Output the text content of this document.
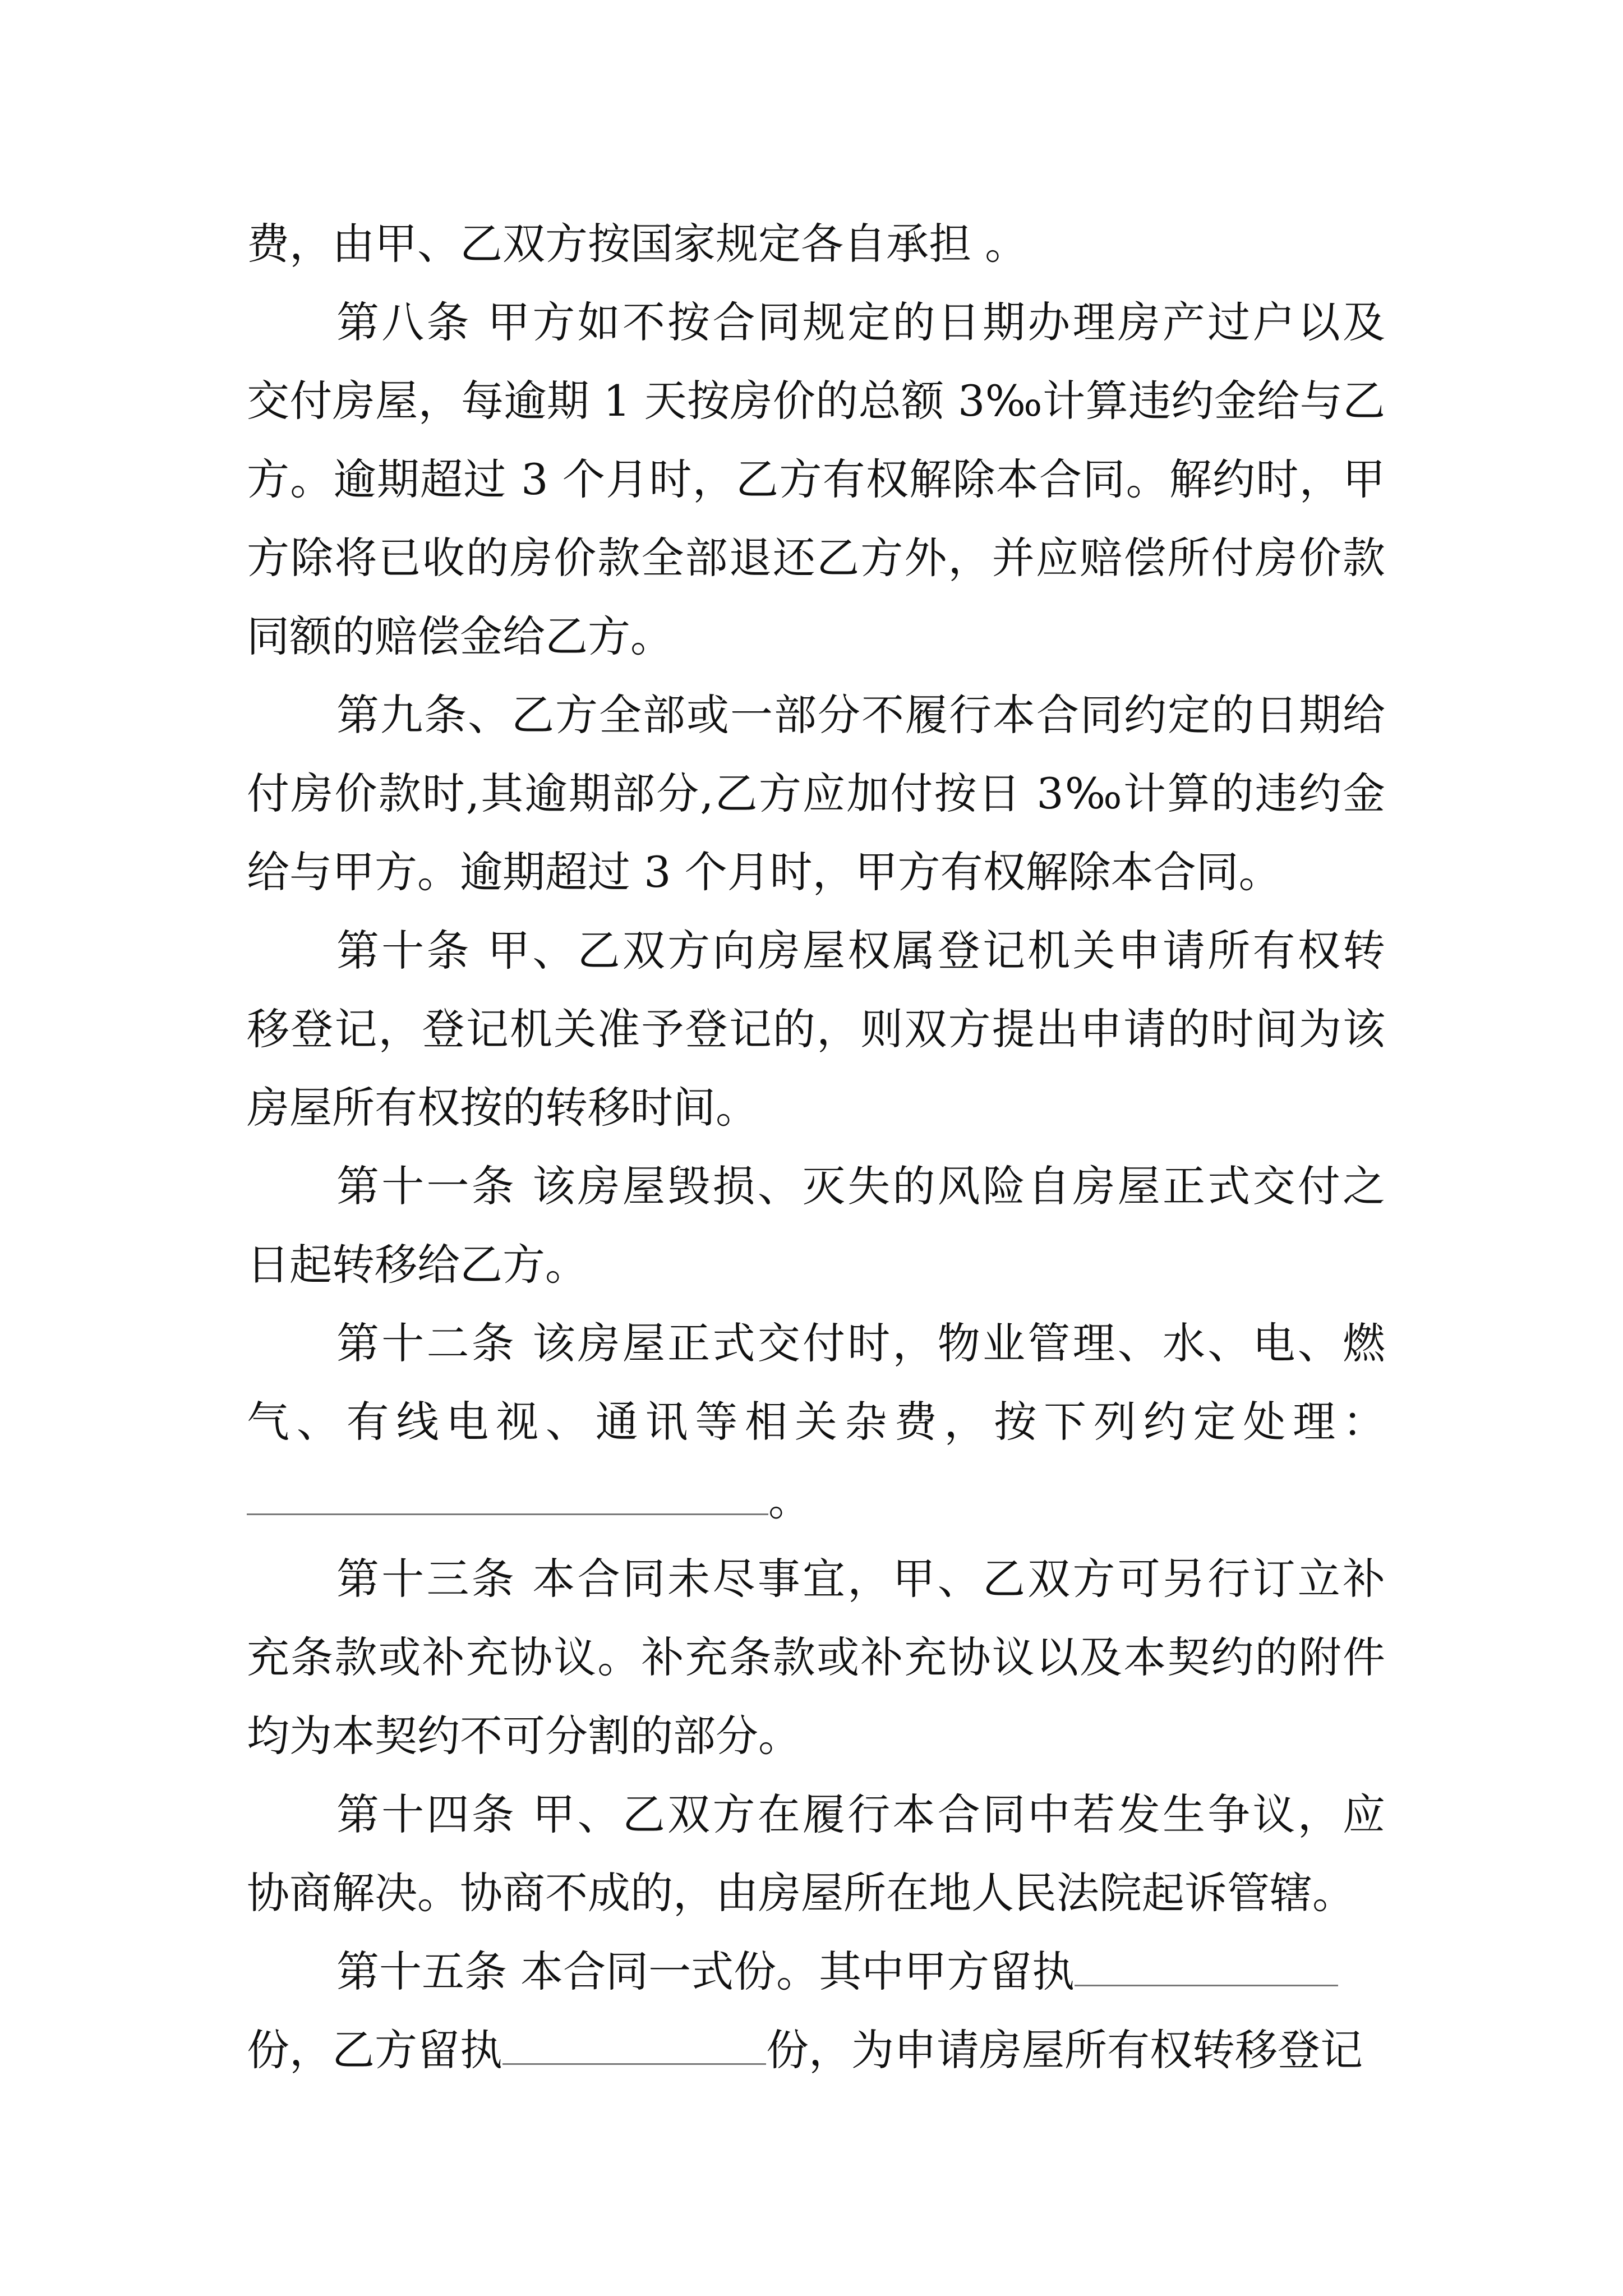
费，由甲、乙双方按国家规定各自承担 。
第八条 甲方如不按合同规定的日期办理房产过户以及
交付房屋，每逾期 1 天按房价的总额 3‰计算违约金给与乙
方。逾期超过 3 个月时，乙方有权解除本合同。解约时，甲
方除将已收的房价款全部退还乙方外，并应赔偿所付房价款
同额的赔偿金给乙方。
第九条、乙方全部或一部分不履行本合同约定的日期给
付房价款时,其逾期部分,乙方应加付按日 3‰计算的违约金
给与甲方。逾期超过 3 个月时，甲方有权解除本合同。
第十条 甲、乙双方向房屋权属登记机关申请所有权转
移登记，登记机关准予登记的，则双方提出申请的时间为该
房屋所有权按的转移时间。
第十一条 该房屋毁损、灭失的风险自房屋正式交付之
日起转移给乙方。
第十二条 该房屋正式交付时，物业管理、水、电、燃
气、有线电视、通讯等相关杂费，按下列约定处理：
。
第十三条 本合同未尽事宜，甲、乙双方可另行订立补
充条款或补充协议。补充条款或补充协议以及本契约的附件
均为本契约不可分割的部分。
第十四条 甲、乙双方在履行本合同中若发生争议，应
协商解决。协商不成的，由房屋所在地人民法院起诉管辖。
第十五条 本合同一式份。其中甲方留执
份，乙方留执	份，为申请房屋所有权转移登记
